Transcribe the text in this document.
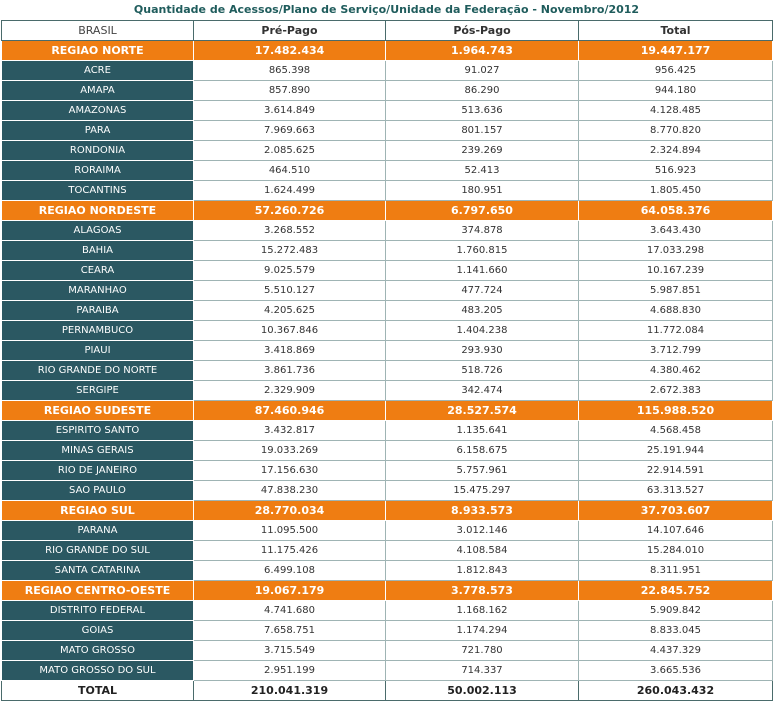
Quantidade de Acessos/Plano de Serviço/Unidade da Federação - Novembro/2012
BRASIL	Pré-Pago	Pós-Pago	Total
REGIAO NORTE	17.482.434	1.964.743	19.447.177
ACRE	865.398	91.027	956.425
AMAPA	857.890	86.290	944.180
AMAZONAS	3.614.849	513.636	4.128.485
PARA	7.969.663	801.157	8.770.820
RONDONIA	2.085.625	239.269	2.324.894
RORAIMA	464.510	52.413	516.923
TOCANTINS	1.624.499	180.951	1.805.450
REGIAO NORDESTE	57.260.726	6.797.650	64.058.376
ALAGOAS	3.268.552	374.878	3.643.430
BAHIA	15.272.483	1.760.815	17.033.298
CEARA	9.025.579	1.141.660	10.167.239
MARANHAO	5.510.127	477.724	5.987.851
PARAIBA	4.205.625	483.205	4.688.830
PERNAMBUCO	10.367.846	1.404.238	11.772.084
PIAUI	3.418.869	293.930	3.712.799
RIO GRANDE DO NORTE	3.861.736	518.726	4.380.462
SERGIPE	2.329.909	342.474	2.672.383
REGIAO SUDESTE	87.460.946	28.527.574	115.988.520
ESPIRITO SANTO	3.432.817	1.135.641	4.568.458
MINAS GERAIS	19.033.269	6.158.675	25.191.944
RIO DE JANEIRO	17.156.630	5.757.961	22.914.591
SAO PAULO	47.838.230	15.475.297	63.313.527
REGIAO SUL	28.770.034	8.933.573	37.703.607
PARANA	11.095.500	3.012.146	14.107.646
RIO GRANDE DO SUL	11.175.426	4.108.584	15.284.010
SANTA CATARINA	6.499.108	1.812.843	8.311.951
REGIAO CENTRO-OESTE	19.067.179	3.778.573	22.845.752
DISTRITO FEDERAL	4.741.680	1.168.162	5.909.842
GOIAS	7.658.751	1.174.294	8.833.045
MATO GROSSO	3.715.549	721.780	4.437.329
MATO GROSSO DO SUL	2.951.199	714.337	3.665.536
TOTAL	210.041.319	50.002.113	260.043.432
